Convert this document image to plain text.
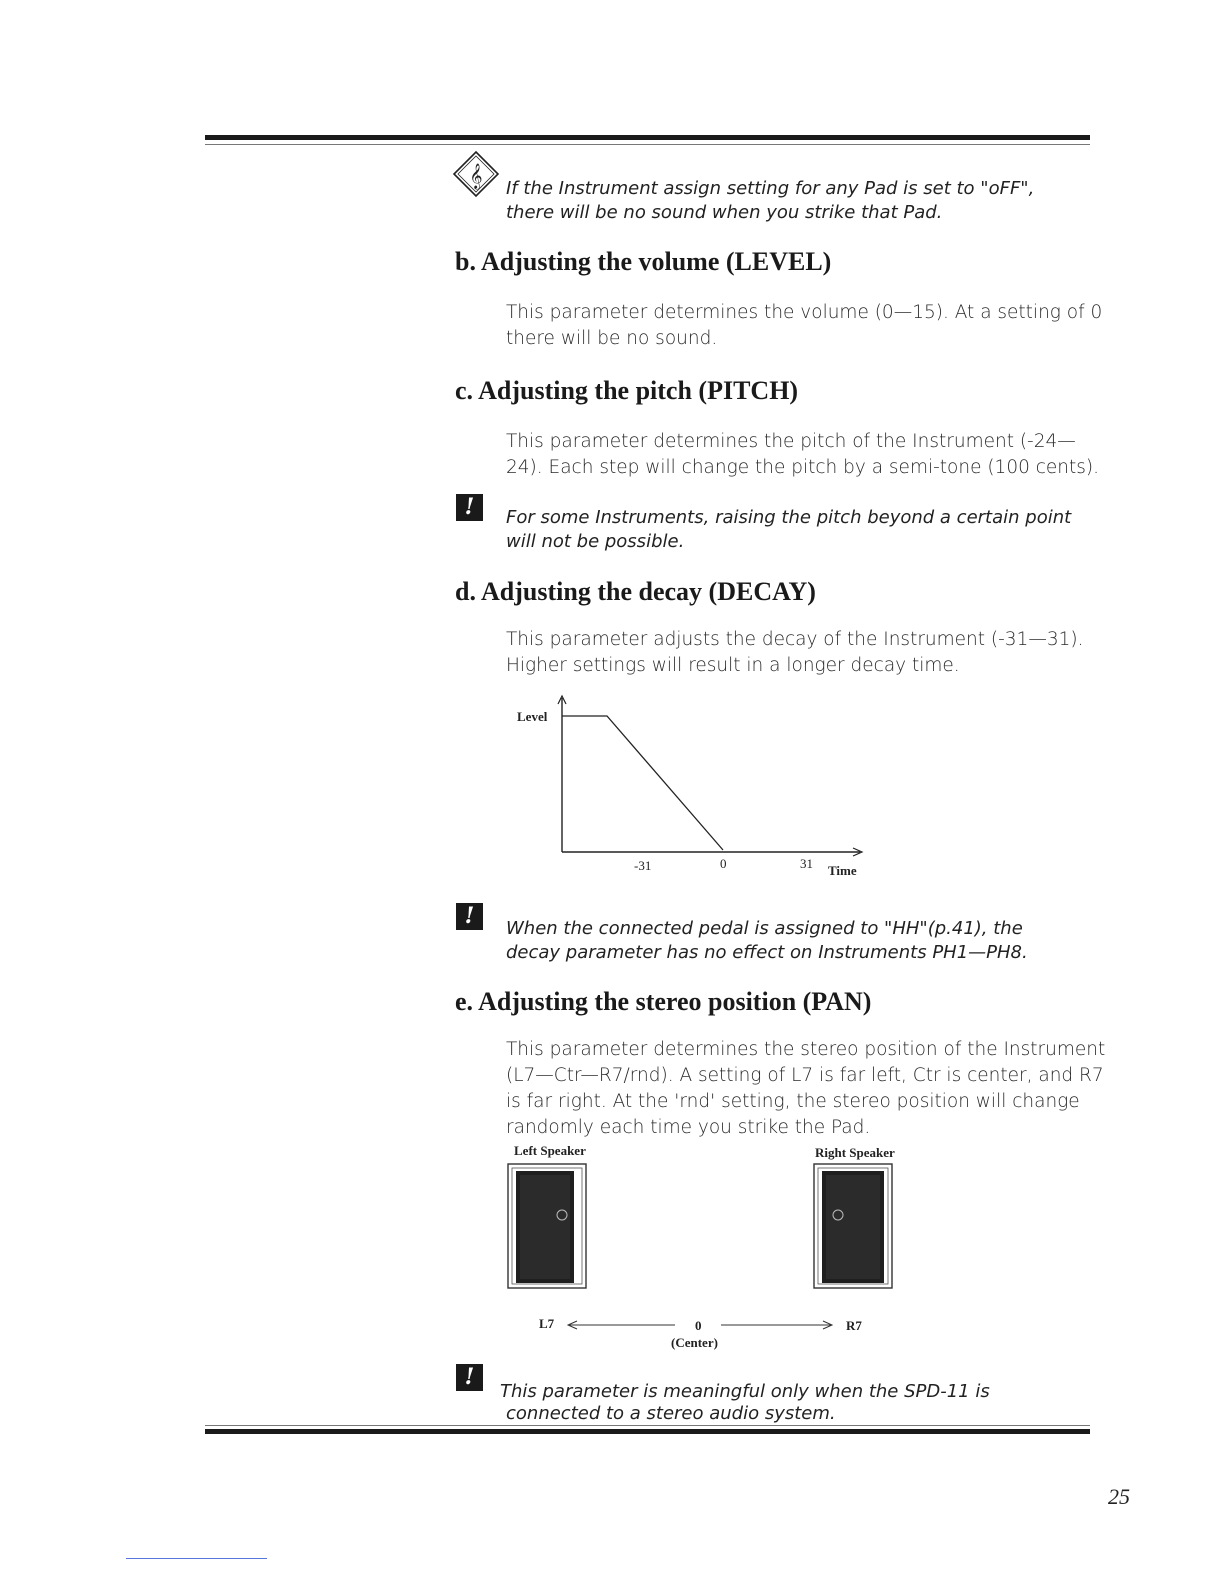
𝄞 If the Instrument assign setting for any Pad is set to "oFF",
there will be no sound when you strike that Pad.
b. Adjusting the volume (LEVEL)
This parameter determines the volume (0—15). At a setting of 0
there will be no sound.
c. Adjusting the pitch (PITCH)
This parameter determines the pitch of the Instrument (-24—
24). Each step will change the pitch by a semi-tone (100 cents).
!	For some Instruments, raising the pitch beyond a certain point
will not be possible.
d. Adjusting the decay (DECAY)
This parameter adjusts the decay of the Instrument (-31—31).
Higher settings will result in a longer decay time.
Level
-31	0	31 Time
!	When the connected pedal is assigned to "HH"(p.41), the
decay parameter has no effect on Instruments PH1—PH8.
e. Adjusting the stereo position (PAN)
This parameter determines the stereo position of the Instrument
(L7—Ctr—R7/rnd). A setting of L7 is far left, Ctr is center, and R7
is far right. At the 'rnd' setting, the stereo position will change
randomly each time you strike the Pad.
Left Speaker	Right Speaker
L7	0	R7
(Center)
!
This parameter is meaningful only when the SPD-11 is
connected to a stereo audio system.
25
